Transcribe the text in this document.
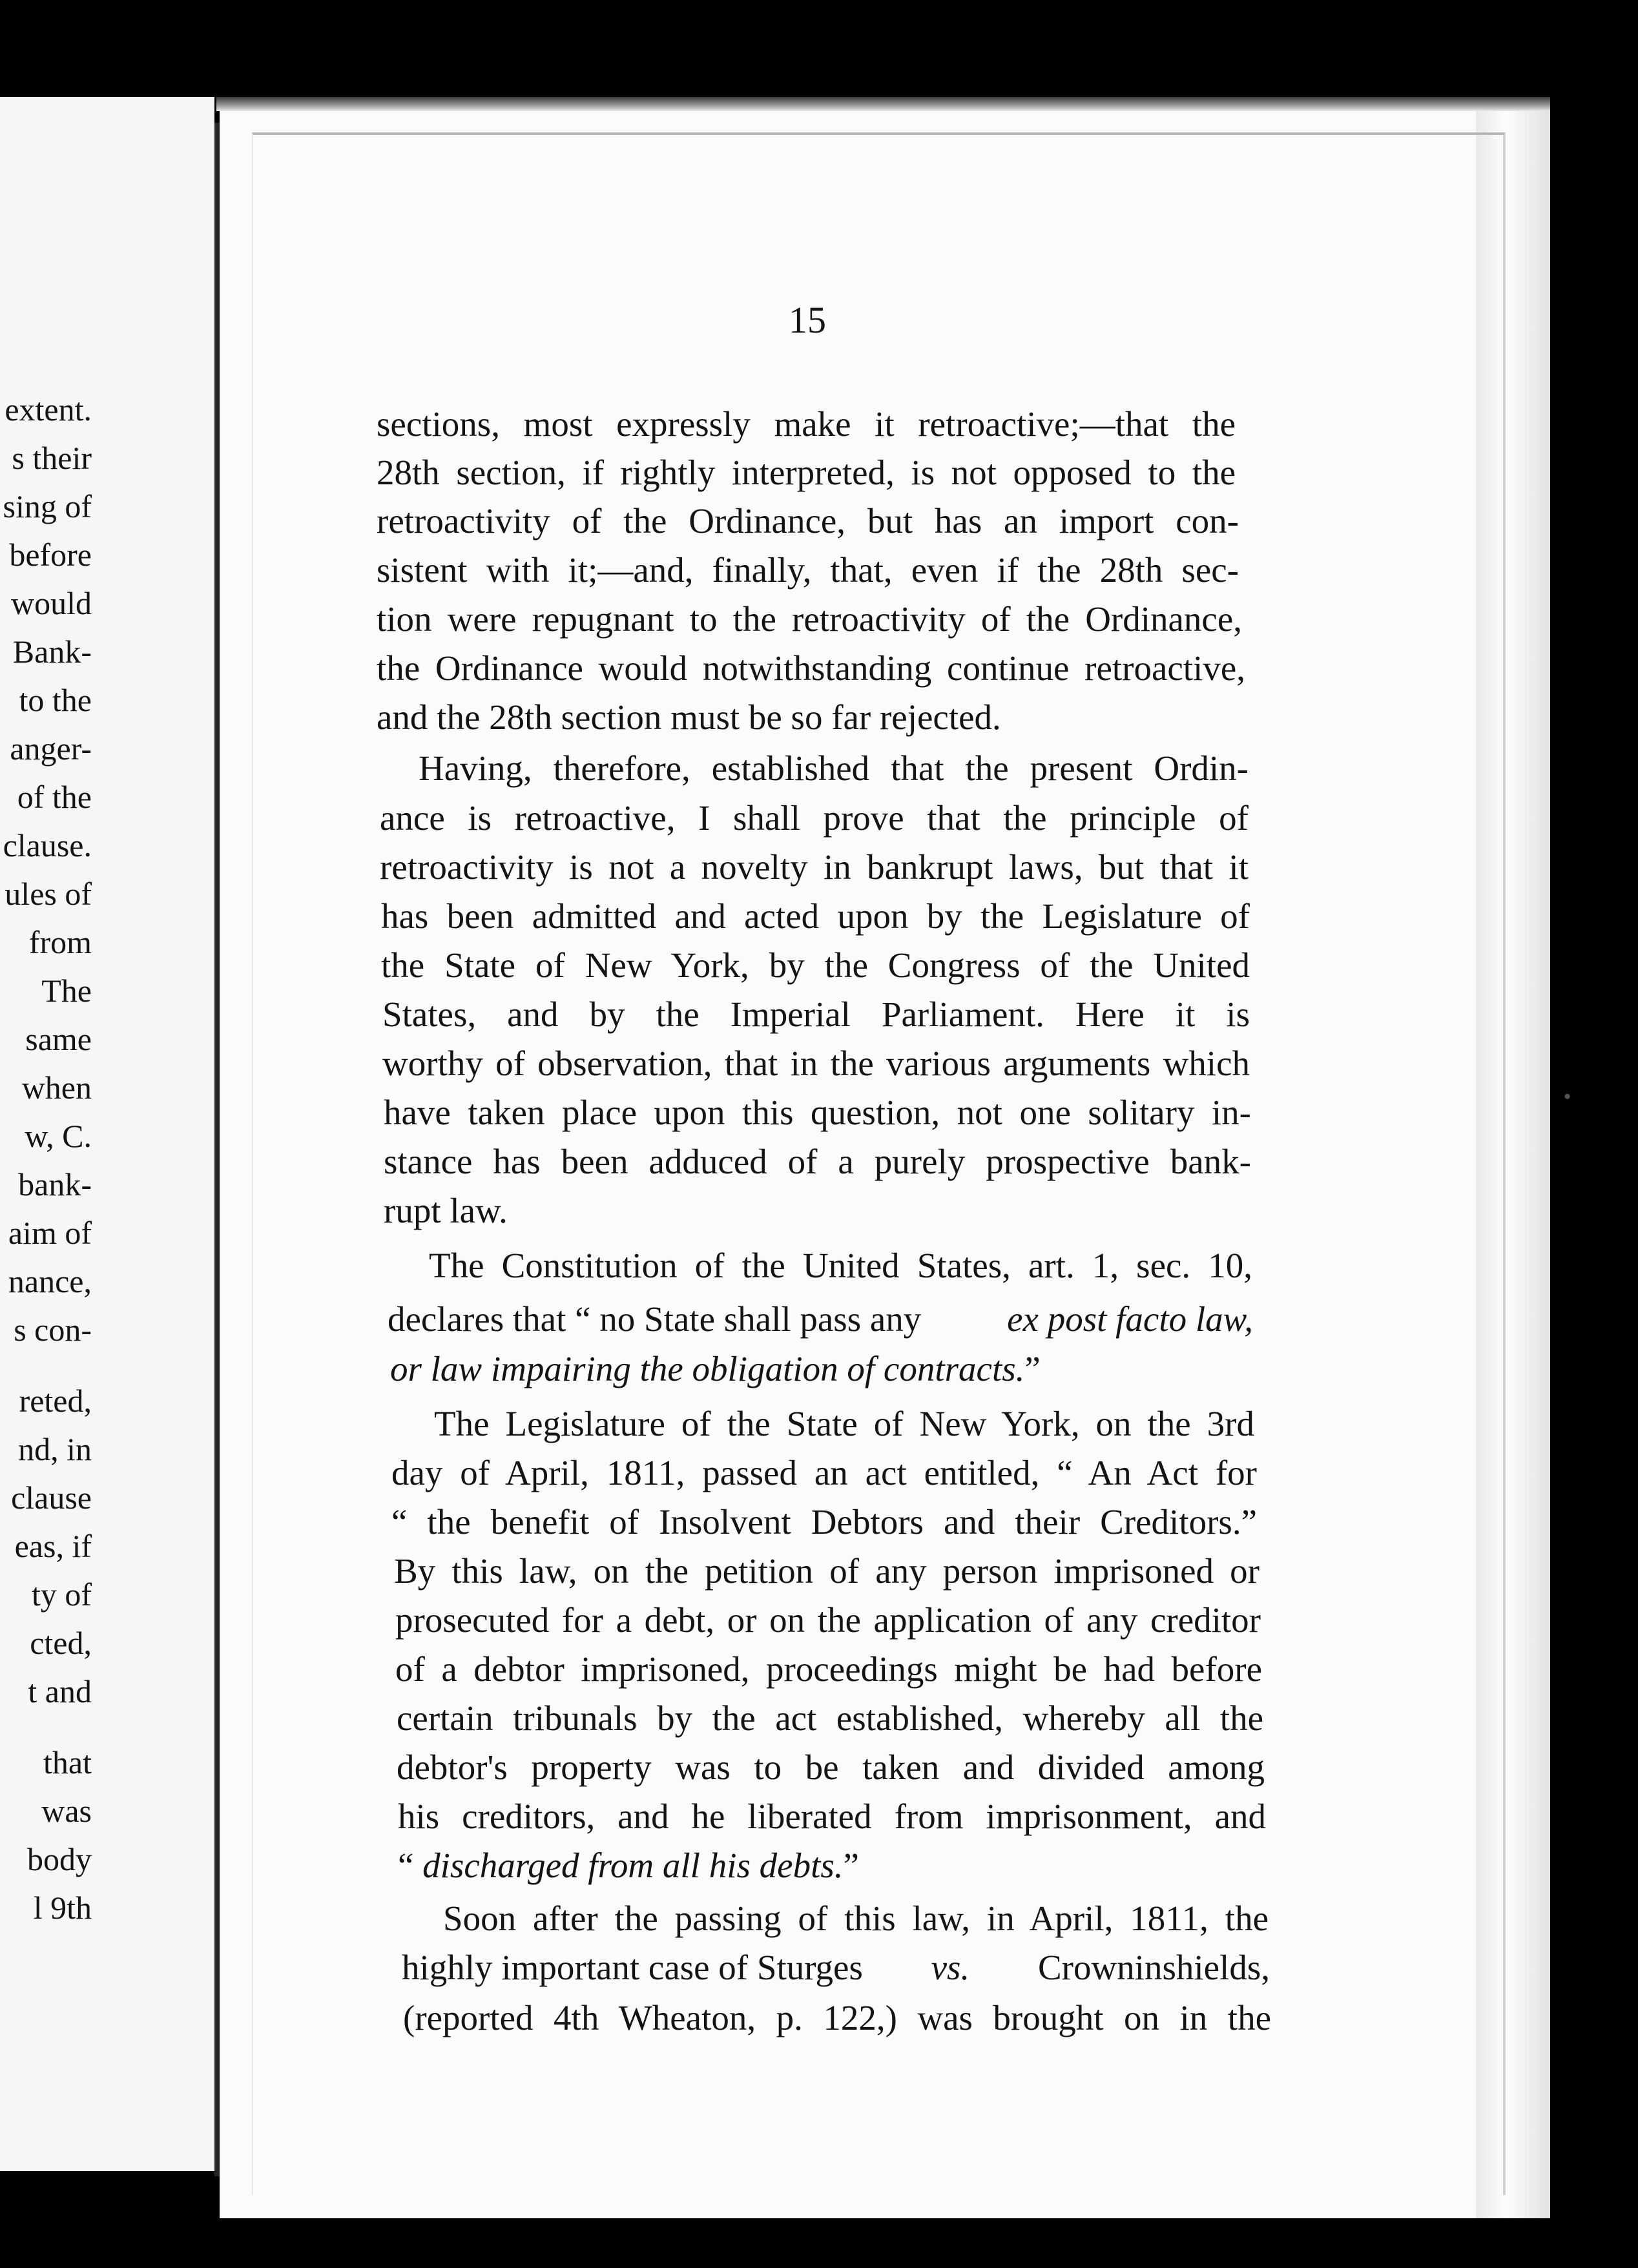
15
extent.
s their
sing of
before
would
Bank-
to the
anger-
of the
clause.
ules of
from
The
same
when
w, C.
bank-
aim of
nance,
s con-
reted,
nd, in
clause
eas, if
ty of
cted,
t and
that
was
body
l 9th
sections, most expressly make it retroactive;—that the
28th section, if rightly interpreted, is not opposed to the
retroactivity of the Ordinance, but has an import con-
sistent with it;—and, finally, that, even if the 28th sec-
tion were repugnant to the retroactivity of the Ordinance,
the Ordinance would notwithstanding continue retroactive,
and the 28th section must be so far rejected.
Having, therefore, established that the present Ordin-
ance is retroactive, I shall prove that the principle of
retroactivity is not a novelty in bankrupt laws, but that it
has been admitted and acted upon by the Legislature of
the State of New York, by the Congress of the United
States, and by the Imperial Parliament. Here it is
worthy of observation, that in the various arguments which
have taken place upon this question, not one solitary in-
stance has been adduced of a purely prospective bank-
rupt law.
The Constitution of the United States, art. 1, sec. 10,
declares that “ no State shall pass any ex post facto law,
or law impairing the obligation of contracts.”
The Legislature of the State of New York, on the 3rd
day of April, 1811, passed an act entitled, “ An Act for
“ the benefit of Insolvent Debtors and their Creditors.”
By this law, on the petition of any person imprisoned or
prosecuted for a debt, or on the application of any creditor
of a debtor imprisoned, proceedings might be had before
certain tribunals by the act established, whereby all the
debtor's property was to be taken and divided among
his creditors, and he liberated from imprisonment, and
“ discharged from all his debts.”
Soon after the passing of this law, in April, 1811, the
highly important case of Sturges vs. Crowninshields,
(reported 4th Wheaton, p. 122,) was brought on in the
•
